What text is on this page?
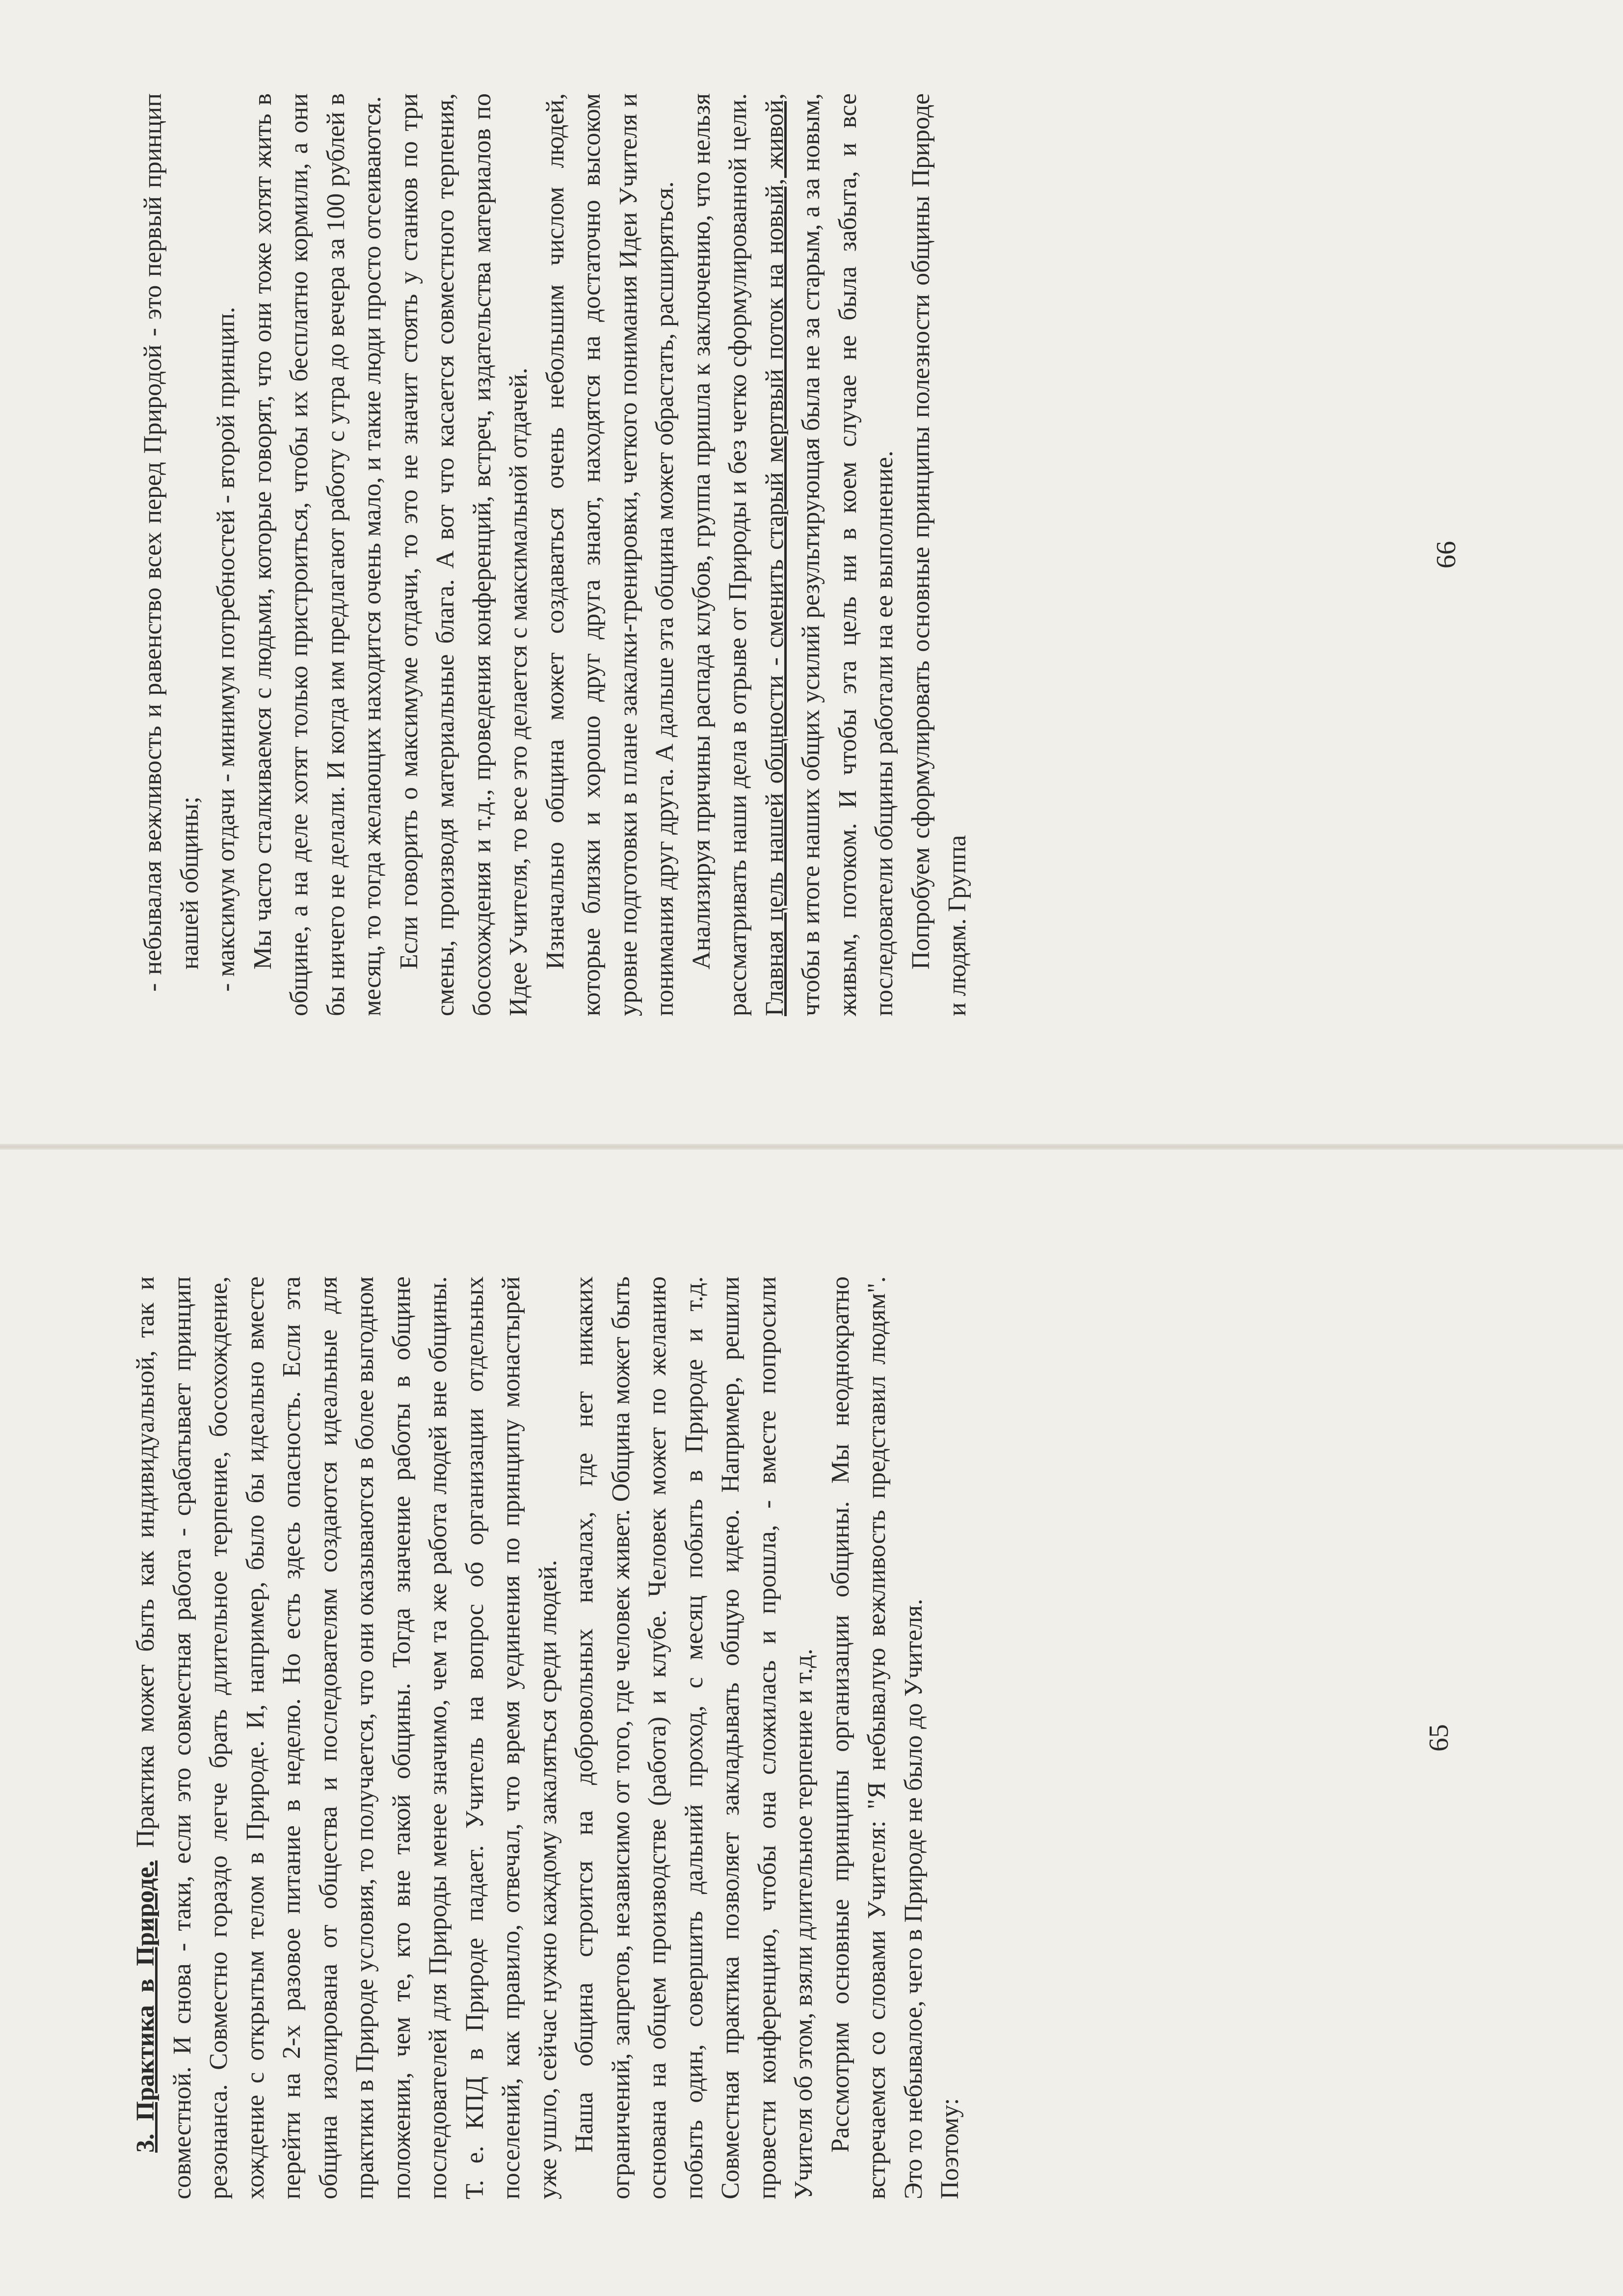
- небывалая вежливость и равенство всех перед Природой - это первый принцип нашей общины; - максимум отдачи - минимум потребностей - второй принцип. Мы часто сталкиваемся с людьми, которые говорят, что они тоже хотят жить в общине, а на деле хотят только пристроиться, чтобы их бесплатно кормили, а они бы ничего не делали. И когда им предлагают работу с утра до вечера за 100 рублей в месяц, то тогда желающих находится очень мало, и такие люди просто отсеиваются. Если говорить о максимуме отдачи, то это не значит стоять у станков по три смены, производя материальные блага. А вот что касается совместного терпения, босохождения и т.д., проведения конференций, встреч, издательства материалов по Идее Учителя, то все это делается с максимальной отдачей. Изначально община может создаваться очень небольшим числом людей, которые близки и хорошо друг друга знают, находятся на достаточно высоком уровне подготовки в плане закалки-тренировки, четкого понимания Идеи Учителя и понимания друг друга. А дальше эта община может обрастать, расширяться. Анализируя причины распада клубов, группа пришла к заключению, что нельзя рассматривать наши дела в отрыве от Природы и без четко сформулированной цели. Главная цель нашей общности - сменить старый мертвый поток на новый, живой, чтобы в итоге наших общих усилий результирующая была не за старым, а за новым, живым, потоком. И чтобы эта цель ни в коем случае не была забыта, и все последователи общины работали на ее выполнение. Попробуем сформулировать основные принципы полезности общины Природе и людям. Группа

66

3. Практика в Природе. Практика может быть как индивидуальной, так и совместной. И снова - таки, если это совместная работа - срабатывает принцип резонанса. Совместно гораздо легче брать длительное терпение, босохождение, хождение с открытым телом в Природе. И, например, было бы идеально вместе перейти на 2-х разовое питание в неделю. Но есть здесь опасность. Если эта община изолирована от общества и последователям создаются идеальные для практики в Природе условия, то получается, что они оказываются в более выгодном положении, чем те, кто вне такой общины. Тогда значение работы в общине последователей для Природы менее значимо, чем та же работа людей вне общины. Т. е. КПД в Природе падает. Учитель на вопрос об организации отдельных поселений, как правило, отвечал, что время уединения по принципу монастырей уже ушло, сейчас нужно каждому закаляться среди людей. Наша община строится на добровольных началах, где нет никаких ограничений, запретов, независимо от того, где человек живет. Община может быть основана на общем производстве (работа) и клубе. Человек может по желанию побыть один, совершить дальний проход, с месяц побыть в Природе и т.д. Совместная практика позволяет закладывать общую идею. Например, решили провести конференцию, чтобы она сложилась и прошла, - вместе попросили Учителя об этом, взяли длительное терпение и т.д. Рассмотрим основные принципы организации общины. Мы неоднократно встречаемся со словами Учителя: "Я небывалую вежливость представил людям". Это то небывалое, чего в Природе не было до Учителя. Поэтому:

65
